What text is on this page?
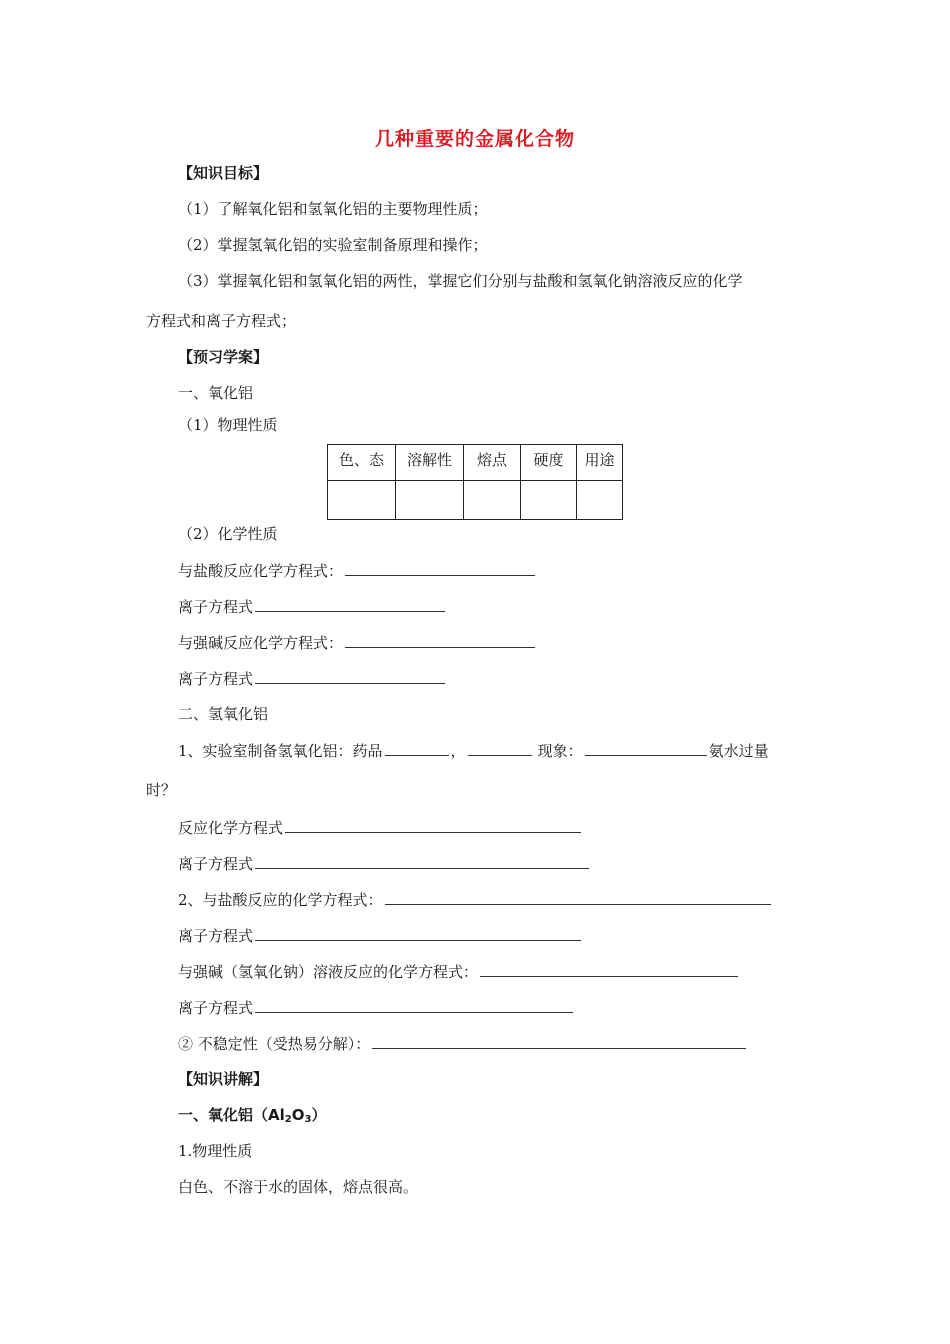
几种重要的金属化合物
【知识目标】
（1）了解氧化铝和氢氧化铝的主要物理性质；
（2）掌握氢氧化铝的实验室制备原理和操作；
（3）掌握氧化铝和氢氧化铝的两性，掌握它们分别与盐酸和氢氧化钠溶液反应的化学
方程式和离子方程式；
【预习学案】
一、氧化铝
（1）物理性质
色、态	溶解性	熔点	硬度	用途

（2）化学性质
与盐酸反应化学方程式：
离子方程式
与强碱反应化学方程式：
离子方程式
二、氢氧化铝
1、实验室制备氢氧化铝：药品	，	现象：	氨水过量
时？
反应化学方程式
离子方程式
2、与盐酸反应的化学方程式：
离子方程式
与强碱（氢氧化钠）溶液反应的化学方程式：
离子方程式
② 不稳定性（受热易分解）：
【知识讲解】
一、氧化铝$(Al_2O_3)$
1.物理性质
白色、不溶于水的固体，熔点很高。
